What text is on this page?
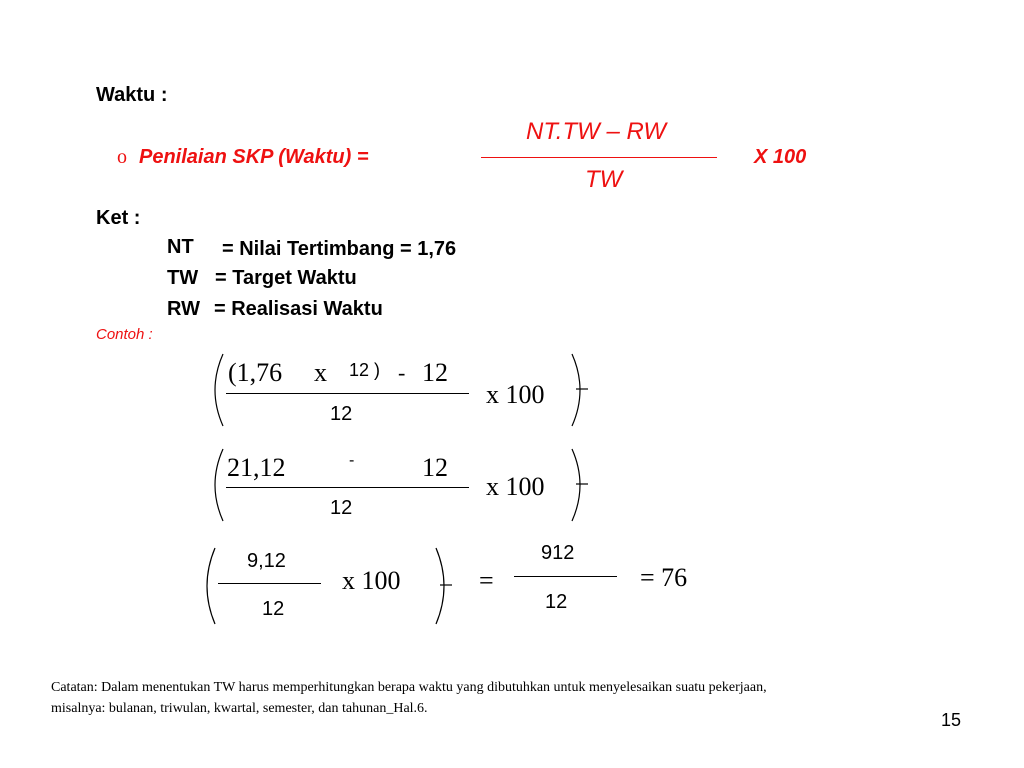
Waktu :
o Penilaian SKP (Waktu) =
NT.TW – RW
TW
X 100
Ket :
NT = Nilai Tertimbang = 1,76
TW = Target Waktu
RW = Realisasi Waktu
Contoh :
(1,76 x 12 ) - 12
12
x 100
21,12	-	12
12
x 100
9,12
12
x 100	=
912
12
= 76
Catatan: Dalam menentukan TW harus memperhitungkan berapa waktu yang dibutuhkan untuk menyelesaikan suatu pekerjaan,
misalnya: bulanan, triwulan, kwartal, semester, dan tahunan_Hal.6.
15
